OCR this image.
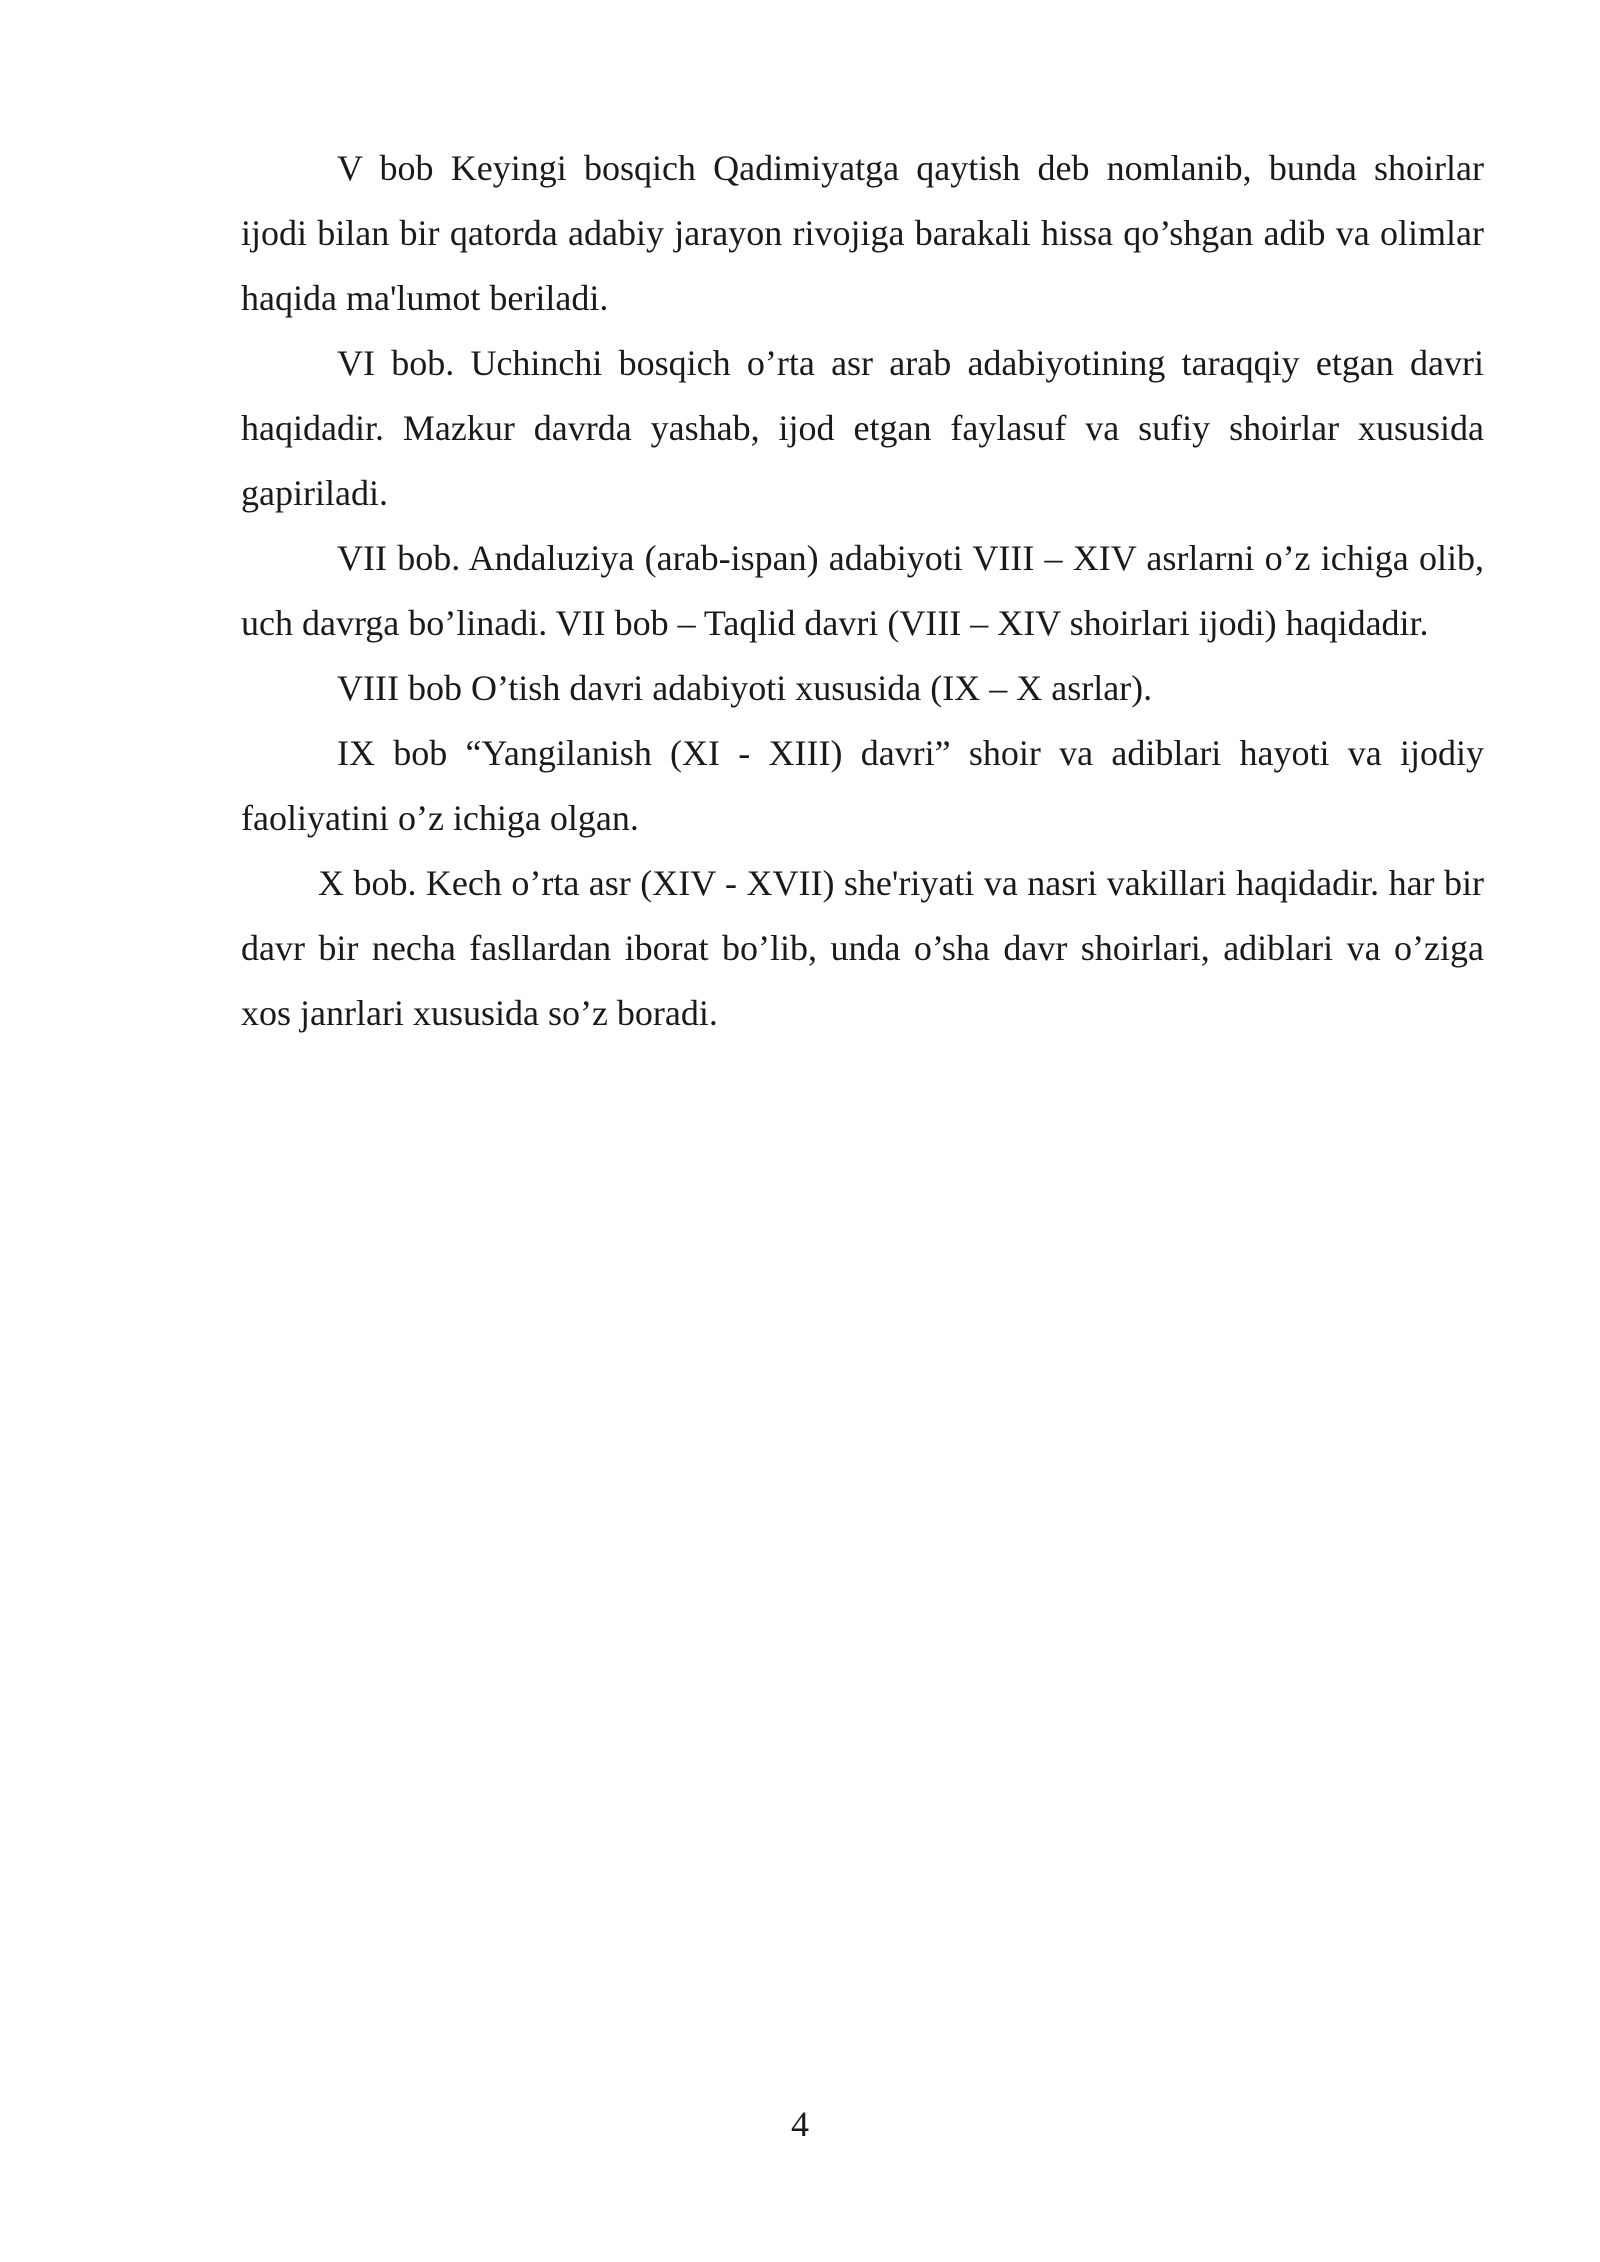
V bob Keyingi bosqich Qadimiyatga qaytish deb nomlanib, bunda shoirlar ijodi bilan bir qatorda adabiy jarayon rivojiga barakali hissa qo’shgan adib va olimlar haqida ma'lumot beriladi.

VI bob. Uchinchi bosqich o’rta asr arab adabiyotining taraqqiy etgan davri haqidadir. Mazkur davrda yashab, ijod etgan faylasuf va sufiy shoirlar xususida gapiriladi.

VII bob. Andaluziya (arab-ispan) adabiyoti VIII – XIV asrlarni o’z ichiga olib, uch davrga bo’linadi. VII bob – Taqlid davri (VIII – XIV shoirlari ijodi) haqidadir.

VIII bob O’tish davri adabiyoti xususida (IX – X asrlar).

IX bob “Yangilanish (XI - XIII) davri” shoir va adiblari hayoti va ijodiy faoliyatini o’z ichiga olgan.

X bob. Kech o’rta asr (XIV - XVII) she'riyati va nasri vakillari haqidadir. har bir davr bir necha fasllardan iborat bo’lib, unda o’sha davr shoirlari, adiblari va o’ziga xos janrlari xususida so’z boradi.

4
